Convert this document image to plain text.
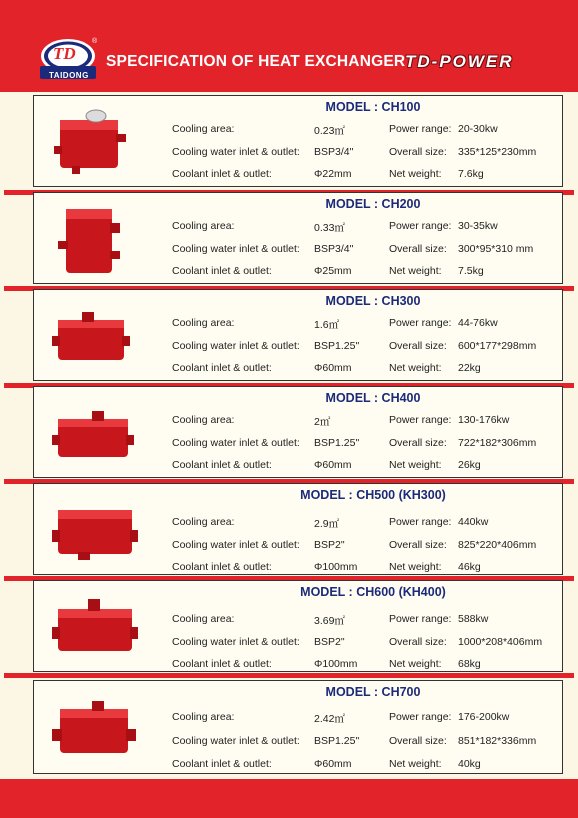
TD
TAIDONG
®
SPECIFICATION OF HEAT EXCHANGER TD-POWER
MODEL : CH100
Cooling area:	0.23㎡	Power range: 20-30kw
Cooling water inlet & outlet: BSP3/4"	Overall size: 335*125*230mm
Coolant inlet & outlet:	Φ22mm	Net weight: 7.6kg
MODEL : CH200
Cooling area:	0.33㎡	Power range: 30-35kw
Cooling water inlet & outlet: BSP3/4"	Overall size: 300*95*310 mm
Coolant inlet & outlet:	Φ25mm	Net weight: 7.5kg
MODEL : CH300
Cooling area:	1.6㎡	Power range: 44-76kw
Cooling water inlet & outlet: BSP1.25"	Overall size: 600*177*298mm
Coolant inlet & outlet:	Φ60mm	Net weight: 22kg
MODEL : CH400
Cooling area:	2㎡	Power range: 130-176kw
Cooling water inlet & outlet: BSP1.25"	Overall size: 722*182*306mm
Coolant inlet & outlet:	Φ60mm	Net weight: 26kg
MODEL : CH500 (KH300)
Cooling area:	2.9㎡	Power range: 440kw
Cooling water inlet & outlet: BSP2"	Overall size: 825*220*406mm
Coolant inlet & outlet:	Φ100mm	Net weight: 46kg
MODEL : CH600 (KH400)
Cooling area:	3.69㎡	Power range: 588kw
Cooling water inlet & outlet: BSP2"	Overall size: 1000*208*406mm
Coolant inlet & outlet:	Φ100mm	Net weight: 68kg
MODEL : CH700
Cooling area:	2.42㎡	Power range: 176-200kw
Cooling water inlet & outlet: BSP1.25"	Overall size: 851*182*336mm
Coolant inlet & outlet:	Φ60mm	Net weight: 40kg
